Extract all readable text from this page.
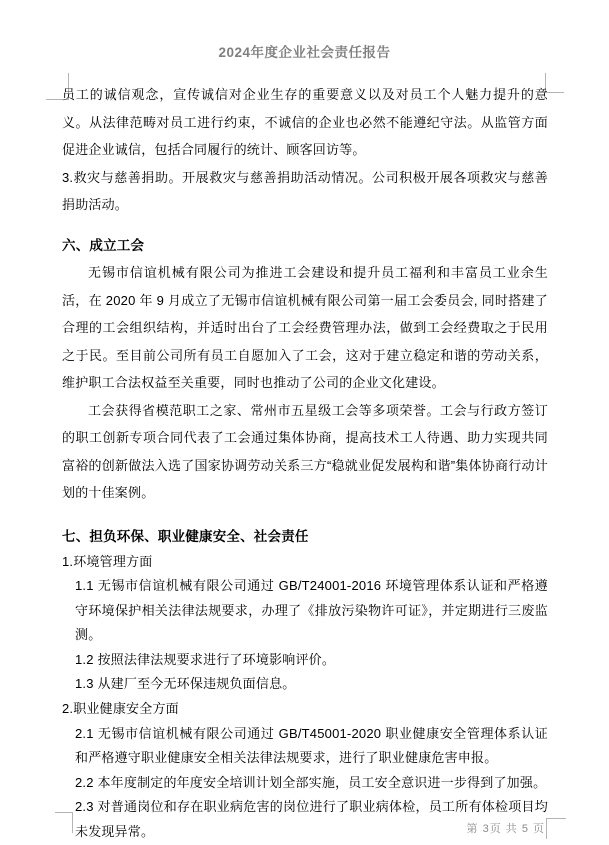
2024年度企业社会责任报告

员工的诚信观念，宣传诚信对企业生存的重要意义以及对员工个人魅力提升的意义。从法律范畴对员工进行约束，不诚信的企业也必然不能遵纪守法。从监管方面促进企业诚信，包括合同履行的统计、顾客回访等。

3.救灾与慈善捐助。开展救灾与慈善捐助活动情况。公司积极开展各项救灾与慈善捐助活动。

六、成立工会

无锡市信谊机械有限公司为推进工会建设和提升员工福利和丰富员工业余生活，在 2020 年 9 月成立了无锡市信谊机械有限公司第一届工会委员会, 同时搭建了合理的工会组织结构，并适时出台了工会经费管理办法，做到工会经费取之于民用之于民。至目前公司所有员工自愿加入了工会，这对于建立稳定和谐的劳动关系，维护职工合法权益至关重要，同时也推动了公司的企业文化建设。

工会获得省模范职工之家、常州市五星级工会等多项荣誉。工会与行政方签订的职工创新专项合同代表了工会通过集体协商，提高技术工人待遇、助力实现共同富裕的创新做法入选了国家协调劳动关系三方“稳就业促发展构和谐”集体协商行动计划的十佳案例。

七、担负环保、职业健康安全、社会责任

1.环境管理方面

1.1 无锡市信谊机械有限公司通过 GB/T24001-2016 环境管理体系认证和严格遵守环境保护相关法律法规要求，办理了《排放污染物许可证》，并定期进行三废监测。

1.2 按照法律法规要求进行了环境影响评价。

1.3 从建厂至今无环保违规负面信息。

2.职业健康安全方面

2.1 无锡市信谊机械有限公司通过 GB/T45001-2020 职业健康安全管理体系认证和严格遵守职业健康安全相关法律法规要求，进行了职业健康危害申报。

2.2 本年度制定的年度安全培训计划全部实施，员工安全意识进一步得到了加强。

2.3 对普通岗位和存在职业病危害的岗位进行了职业病体检，员工所有体检项目均未发现异常。	第 3页 共 5 页
